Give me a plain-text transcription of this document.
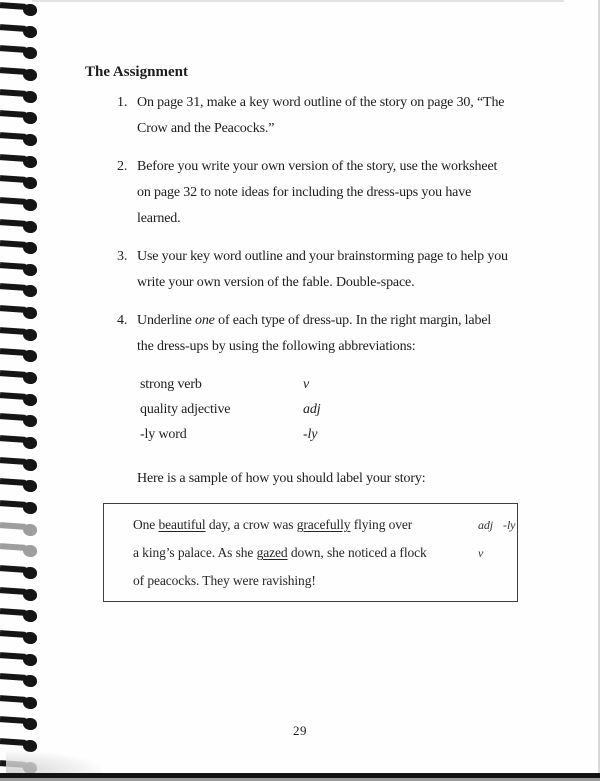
The Assignment
1. On page 31, make a key word outline of the story on page 30, “The
Crow and the Peacocks.”
2. Before you write your own version of the story, use the worksheet
on page 32 to note ideas for including the dress-ups you have
learned.
3. Use your key word outline and your brainstorming page to help you
write your own version of the fable. Double-space.
4. Underline one of each type of dress-up. In the right margin, label
the dress-ups by using the following abbreviations:
strong verb	v
quality adjective	adj
-ly word	-ly
Here is a sample of how you should label your story:
One beautiful day, a crow was gracefully flying over	adj -ly
a king’s palace. As she gazed down, she noticed a flock	v
of peacocks. They were ravishing!
29
